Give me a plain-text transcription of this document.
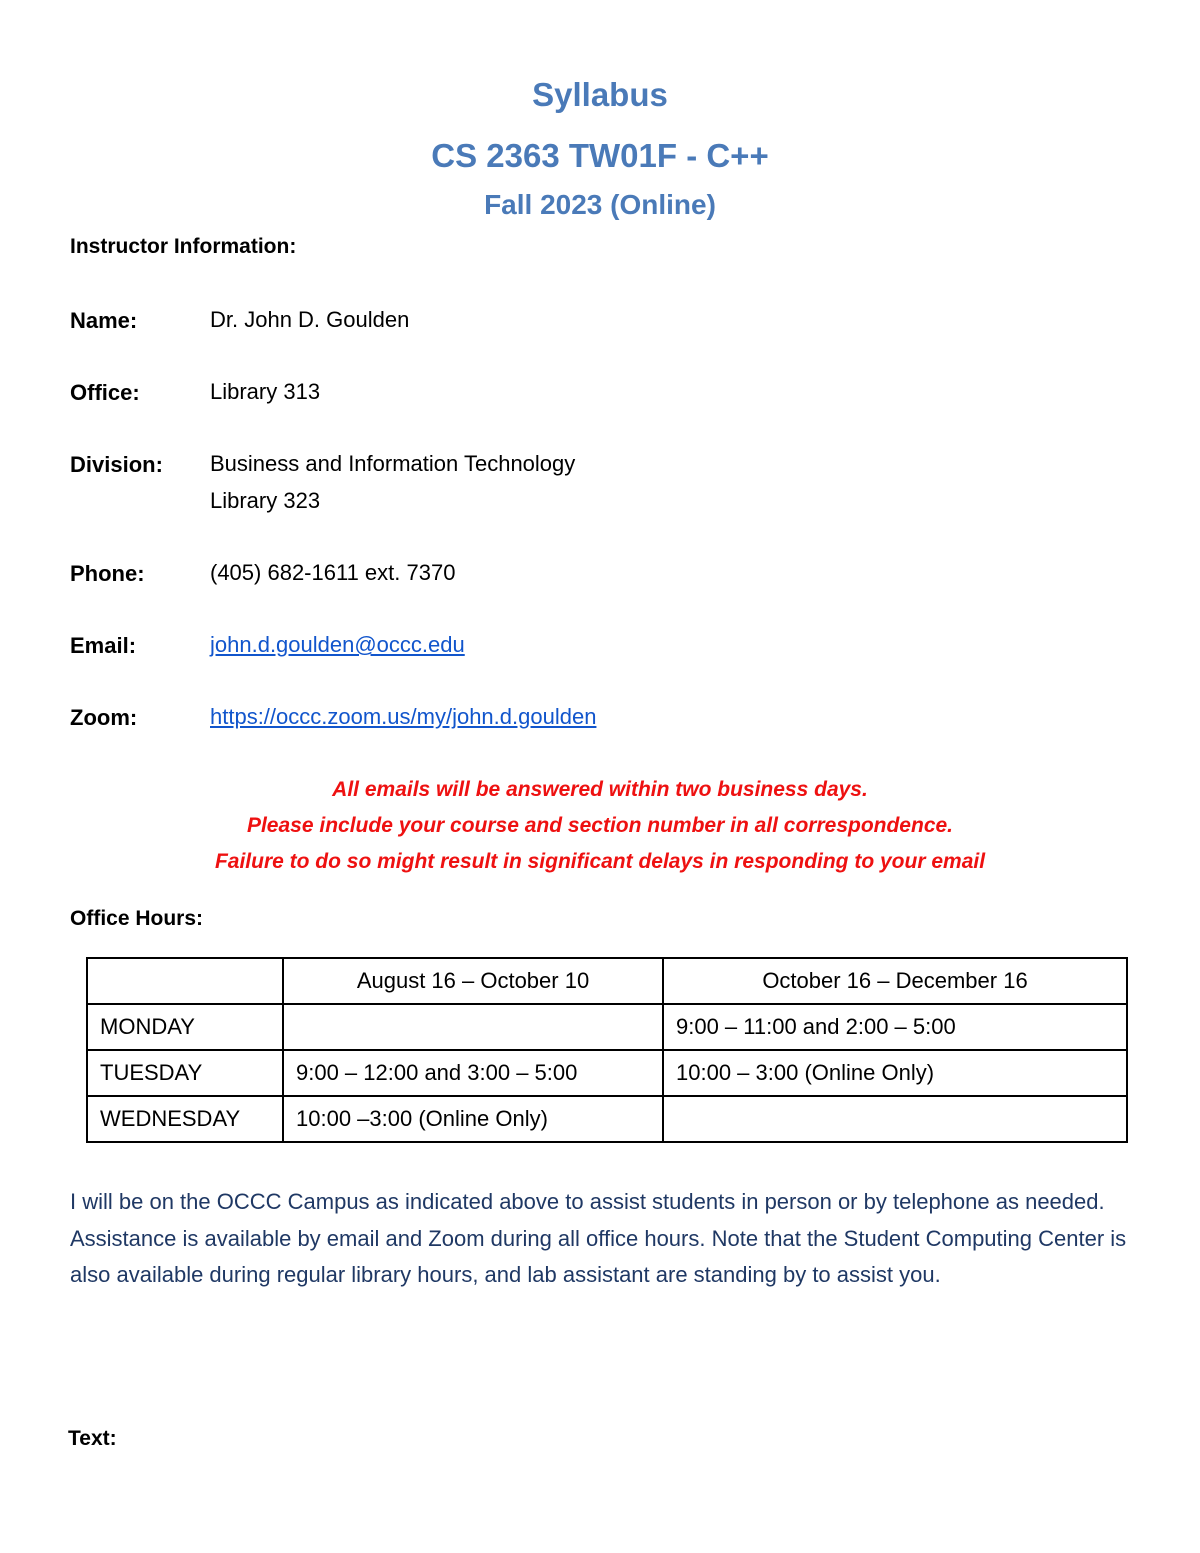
Syllabus
CS 2363 TW01F - C++
Fall 2023 (Online)

Instructor Information:

Name:	Dr. John D. Goulden
Office:	Library 313
Division: Business and Information Technology
Library 323
Phone:	(405) 682-1611 ext. 7370
Email:	john.d.goulden@occc.edu
Zoom:	https://occc.zoom.us/my/john.d.goulden

All emails will be answered within two business days.

Please include your course and section number in all correspondence.

Failure to do so might result in significant delays in responding to your email

Office Hours:

	August 16 – October 10	October 16 – December 16
MONDAY		9:00 – 11:00 and 2:00 – 5:00
TUESDAY	9:00 – 12:00 and 3:00 – 5:00	10:00 – 3:00 (Online Only)
WEDNESDAY	10:00 –3:00 (Online Only)	

I will be on the OCCC Campus as indicated above to assist students in person or by telephone as needed. Assistance is available by email and Zoom during all office hours. Note that the Student Computing Center is also available during regular library hours, and lab assistant are standing by to assist you.

Text:
